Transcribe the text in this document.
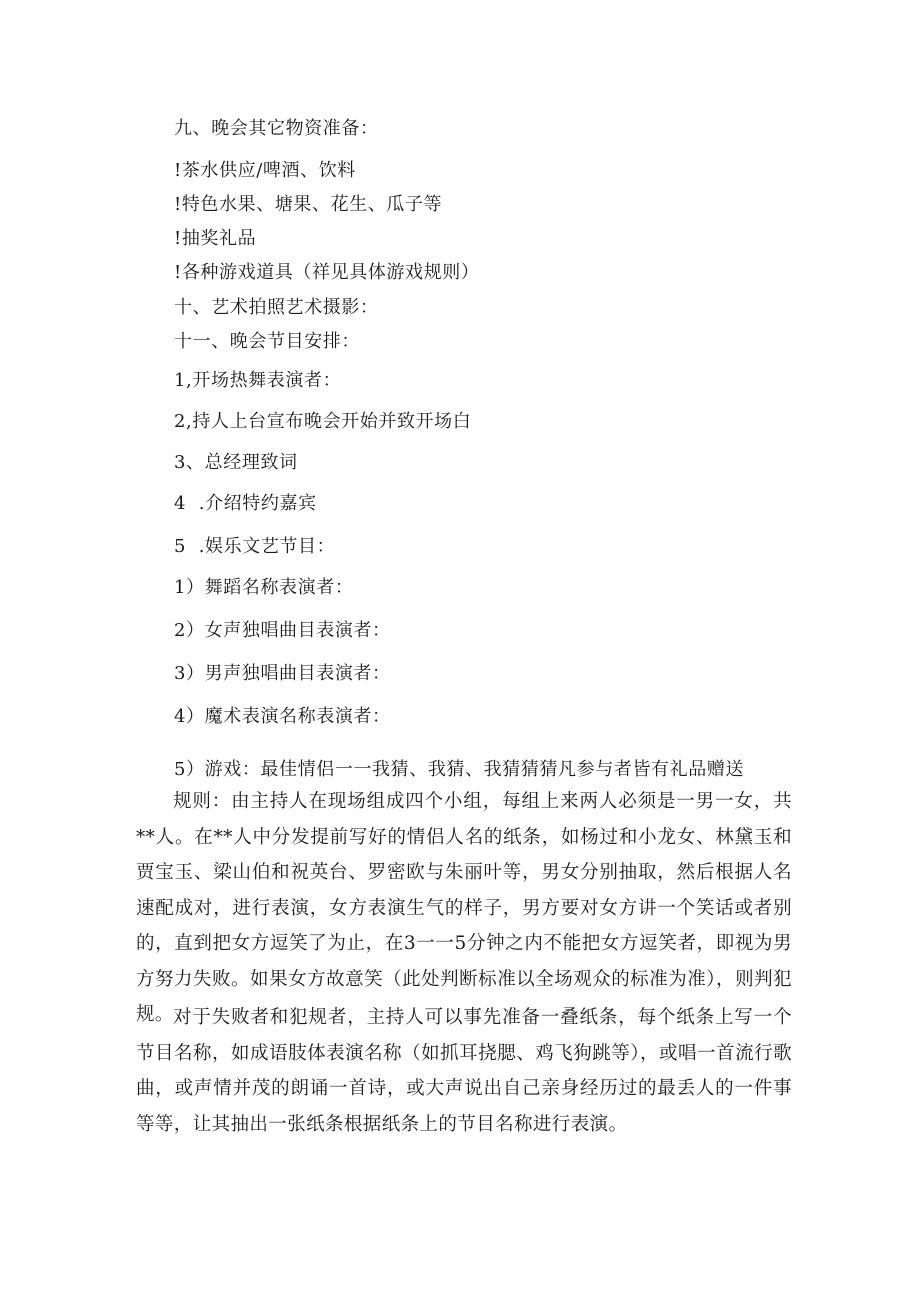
九、晚会其它物资准备：
!茶水供应/啤酒、饮料
!特色水果、塘果、花生、瓜子等
!抽奖礼品
!各种游戏道具（祥见具体游戏规则）
十、艺术拍照艺术摄影：
十一、晚会节目安排：
1,开场热舞表演者：
2,持人上台宣布晚会开始并致开场白
3、总经理致词
4  .介绍特约嘉宾
5  .娱乐文艺节目：
1）舞蹈名称表演者：
2）女声独唱曲目表演者：
3）男声独唱曲目表演者：
4）魔术表演名称表演者：
5）游戏：最佳情侣一一我猜、我猜、我猜猜猜凡参与者皆有礼品赠送

规则：由主持人在现场组成四个小组，每组上来两人必须是一男一女，共**人。在**人中分发提前写好的情侣人名的纸条，如杨过和小龙女、林黛玉和贾宝玉、梁山伯和祝英台、罗密欧与朱丽叶等，男女分别抽取，然后根据人名速配成对，进行表演，女方表演生气的样子，男方要对女方讲一个笑话或者别的，直到把女方逗笑了为止，在3一一5分钟之内不能把女方逗笑者，即视为男方努力失败。如果女方故意笑（此处判断标准以全场观众的标准为准），则判犯规。 对于失败者和犯规者，主持人可以事先准备一叠纸条，每个纸条上写一个节目名称，如成语肢体表演名称（如抓耳挠腮、鸡飞狗跳等），或唱一首流行歌曲，或声情并茂的朗诵一首诗，或大声说出自己亲身经历过的最丢人的一件事等等，让其抽出一张纸条根据纸条上的节目名称进行表演。
